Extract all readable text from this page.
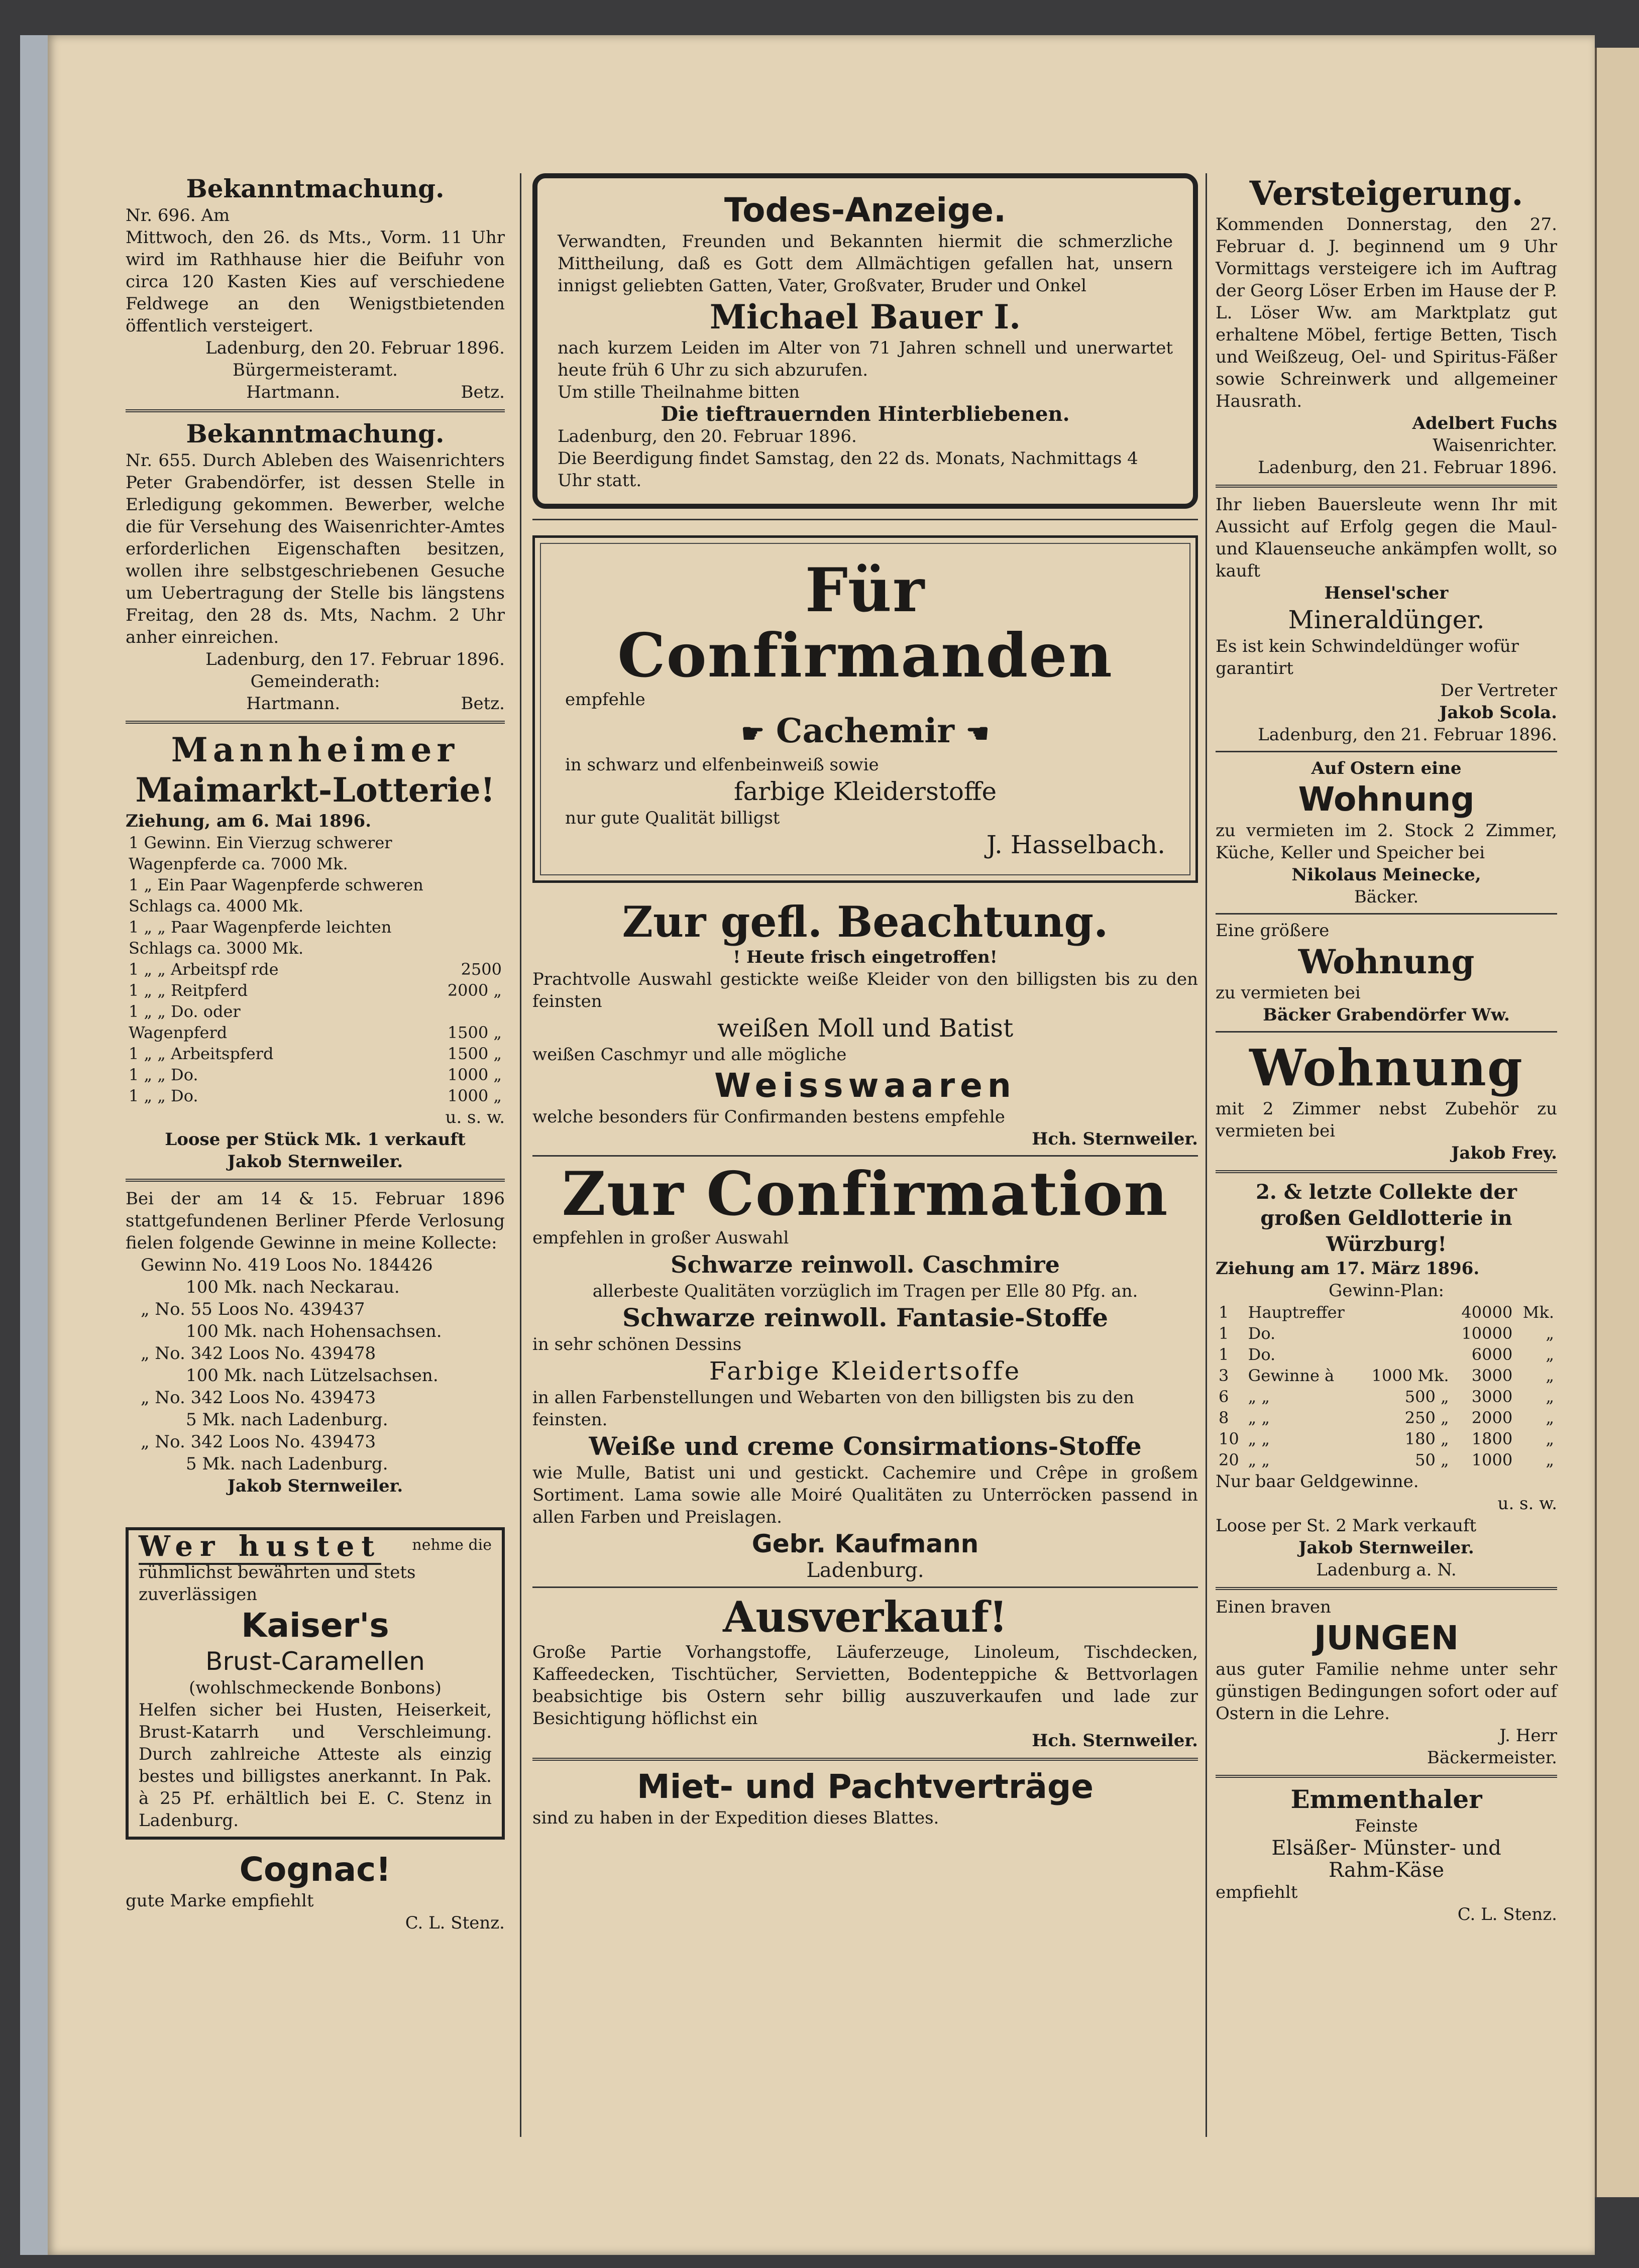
Bekanntmachung.
Nr. 696. Am
Mittwoch, den 26. ds Mts., Vorm. 11 Uhr wird im Rathhause hier die Beifuhr von circa 120 Kasten Kies auf verschiedene Feldwege an den Wenigstbietenden öffentlich versteigert.
Ladenburg, den 20. Februar 1896.
Bürgermeisteramt.
Hartmann.	Betz.
Bekanntmachung.
Nr. 655. Durch Ableben des Waisenrichters Peter Grabendörfer, ist dessen Stelle in Erledigung gekommen. Bewerber, welche die für Versehung des Waisenrichter-Amtes erforderlichen Eigenschaften besitzen, wollen ihre selbstgeschriebenen Gesuche um Uebertragung der Stelle bis längstens Freitag, den 28 ds. Mts, Nachm. 2 Uhr anher einreichen.
Ladenburg, den 17. Februar 1896.
Gemeinderath:
Hartmann.	Betz.
Mannheimer
Maimarkt-Lotterie!
Ziehung, am 6. Mai 1896.
1 Gewinn. Ein Vierzug schwerer	
Wagenpferde ca. 7000 Mk.	
1 „ Ein Paar Wagenpferde schweren	
Schlags ca. 4000 Mk.	
1 „ „ Paar Wagenpferde leichten	
Schlags ca. 3000 Mk.	
1 „ „ Arbeitspf rde	2500
1 „ „ Reitpferd	2000 „
1 „ „ Do. oder	
Wagenpferd	1500 „
1 „ „ Arbeitspferd	1500 „
1 „ „ Do.	1000 „
1 „ „ Do.	1000 „
u. s. w.
Loose per Stück Mk. 1 verkauft
Jakob Sternweiler.
Bei der am 14 & 15. Februar 1896 stattgefundenen Berliner Pferde Verlosung fielen folgende Gewinne in meine Kollecte:
Gewinn No. 419 Loos No. 184426
100 Mk. nach Neckarau.
„ No. 55 Loos No. 439437
100 Mk. nach Hohensachsen.
„ No. 342 Loos No. 439478
100 Mk. nach Lützelsachsen.
„ No. 342 Loos No. 439473
5 Mk. nach Ladenburg.
„ No. 342 Loos No. 439473
5 Mk. nach Ladenburg.
Jakob Sternweiler.
Wer hustet nehme die
rühmlichst bewährten und stets zuverlässigen
Kaiser's
Brust-Caramellen
(wohlschmeckende Bonbons)
Helfen sicher bei Husten, Heiserkeit, Brust-Katarrh und Verschleimung. Durch zahlreiche Atteste als einzig bestes und billigstes anerkannt. In Pak. à 25 Pf. erhältlich bei E. C. Stenz in Ladenburg.
Cognac!
gute Marke empfiehlt
C. L. Stenz.
Todes-Anzeige.
Verwandten, Freunden und Bekannten hiermit die schmerzliche Mittheilung, daß es Gott dem Allmächtigen gefallen hat, unsern innigst geliebten Gatten, Vater, Großvater, Bruder und Onkel
Michael Bauer I.
nach kurzem Leiden im Alter von 71 Jahren schnell und unerwartet heute früh 6 Uhr zu sich abzurufen.
Um stille Theilnahme bitten
Die tieftrauernden Hinterbliebenen.
Ladenburg, den 20. Februar 1896.
Die Beerdigung findet Samstag, den 22 ds. Monats, Nachmittags 4 Uhr statt.
Für Confirmanden
empfehle
☛ Cachemir ☚
in schwarz und elfenbeinweiß sowie
farbige Kleiderstoffe
nur gute Qualität billigst
J. Hasselbach.
Zur gefl. Beachtung.
! Heute frisch eingetroffen!
Prachtvolle Auswahl gestickte weiße Kleider von den billigsten bis zu den feinsten
weißen Moll und Batist
weißen Caschmyr und alle mögliche
Weisswaaren
welche besonders für Confirmanden bestens empfehle
Hch. Sternweiler.
Zur Confirmation
empfehlen in großer Auswahl
Schwarze reinwoll. Caschmire
allerbeste Qualitäten vorzüglich im Tragen per Elle 80 Pfg. an.
Schwarze reinwoll. Fantasie-Stoffe
in sehr schönen Dessins
Farbige Kleidertsoffe
in allen Farbenstellungen und Webarten von den billigsten bis zu den feinsten.
Weiße und creme Consirmations-Stoffe
wie Mulle, Batist uni und gestickt. Cachemire und Crêpe in großem Sortiment. Lama sowie alle Moiré Qualitäten zu Unterröcken passend in allen Farben und Preislagen.
Gebr. Kaufmann
Ladenburg.
Ausverkauf!
Große Partie Vorhangstoffe, Läuferzeuge, Linoleum, Tischdecken, Kaffeedecken, Tischtücher, Servietten, Bodenteppiche & Bettvorlagen beabsichtige bis Ostern sehr billig auszuverkaufen und lade zur Besichtigung höflichst ein
Hch. Sternweiler.
Miet- und Pachtverträge
sind zu haben in der Expedition dieses Blattes.
Versteigerung.
Kommenden Donnerstag, den 27. Februar d. J. beginnend um 9 Uhr Vormittags versteigere ich im Auftrag der Georg Löser Erben im Hause der P. L. Löser Ww. am Marktplatz gut erhaltene Möbel, fertige Betten, Tisch und Weißzeug, Oel- und Spiritus-Fäßer sowie Schreinwerk und allgemeiner Hausrath.
Adelbert Fuchs
Waisenrichter.
Ladenburg, den 21. Februar 1896.
Ihr lieben Bauersleute wenn Ihr mit Aussicht auf Erfolg gegen die Maul- und Klauenseuche ankämpfen wollt, so kauft
Hensel'scher
Mineraldünger.
Es ist kein Schwindeldünger wofür garantirt
Der Vertreter
Jakob Scola.
Ladenburg, den 21. Februar 1896.
Auf Ostern eine
Wohnung
zu vermieten im 2. Stock 2 Zimmer, Küche, Keller und Speicher bei
Nikolaus Meinecke,
Bäcker.
Eine größere
Wohnung
zu vermieten bei
Bäcker Grabendörfer Ww.
Wohnung
mit 2 Zimmer nebst Zubehör zu vermieten bei
Jakob Frey.
2. & letzte Collekte der großen Geldlotterie in Würzburg!
Ziehung am 17. März 1896.
Gewinn-Plan:
1	Hauptreffer		40000	Mk.
1	Do.		10000	„
1	Do.		6000	„
3	Gewinne à	1000 Mk.	3000	„
6	„ „	500 „	3000	„
8	„ „	250 „	2000	„
10	„ „	180 „	1800	„
20	„ „	50 „	1000	„
Nur baar Geldgewinne.
u. s. w.
Loose per St. 2 Mark verkauft
Jakob Sternweiler.
Ladenburg a. N.
Einen braven
JUNGEN
aus guter Familie nehme unter sehr günstigen Bedingungen sofort oder auf Ostern in die Lehre.
J. Herr
Bäckermeister.
Emmenthaler
Feinste
Elsäßer- Münster- und
Rahm-Käse
empfiehlt
C. L. Stenz.
